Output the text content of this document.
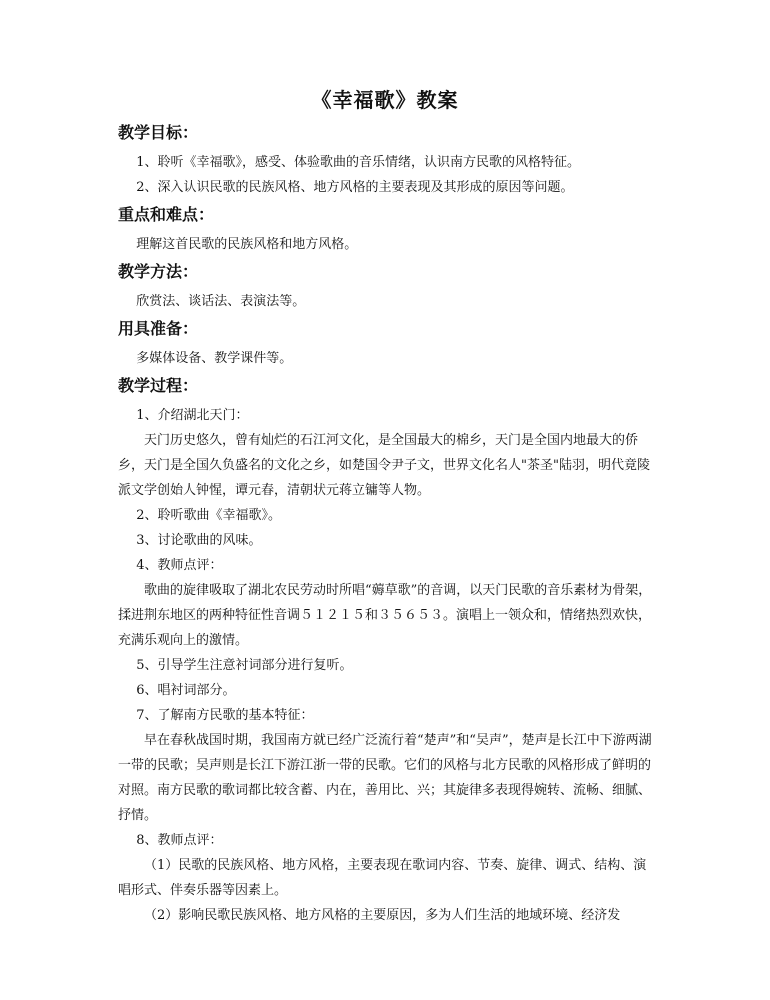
《幸福歌》教案
教学目标：

1、聆听《幸福歌》，感受、体验歌曲的音乐情绪，认识南方民歌的风格特征。

2、深入认识民歌的民族风格、地方风格的主要表现及其形成的原因等问题。

重点和难点：

理解这首民歌的民族风格和地方风格。

教学方法：

欣赏法、谈话法、表演法等。

用具准备：

多媒体设备、教学课件等。

教学过程：

1、介绍湖北天门：

天门历史悠久，曾有灿烂的石江河文化，是全国最大的棉乡，天门是全国内地最大的侨乡，天门是全国久负盛名的文化之乡，如楚国令尹子文，世界文化名人"茶圣"陆羽，明代竟陵派文学创始人钟惺，谭元春，清朝状元蒋立镛等人物。

2、聆听歌曲《幸福歌》。

3、讨论歌曲的风味。

4、教师点评：

歌曲的旋律吸取了湖北农民劳动时所唱“薅草歌”的音调，以天门民歌的音乐素材为骨架，揉进荆东地区的两种特征性音调５１２１５和３５６５３。演唱上一领众和，情绪热烈欢快，充满乐观向上的激情。

5、引导学生注意衬词部分进行复听。

6、唱衬词部分。

7、了解南方民歌的基本特征：

早在春秋战国时期，我国南方就已经广泛流行着“楚声”和“吴声”，楚声是长江中下游两湖一带的民歌；吴声则是长江下游江浙一带的民歌。它们的风格与北方民歌的风格形成了鲜明的对照。南方民歌的歌词都比较含蓄、内在，善用比、兴；其旋律多表现得婉转、流畅、细腻、抒情。

8、教师点评：

（1）民歌的民族风格、地方风格，主要表现在歌词内容、节奏、旋律、调式、结构、演唱形式、伴奏乐器等因素上。

（2）影响民歌民族风格、地方风格的主要原因，多为人们生活的地域环境、经济发
